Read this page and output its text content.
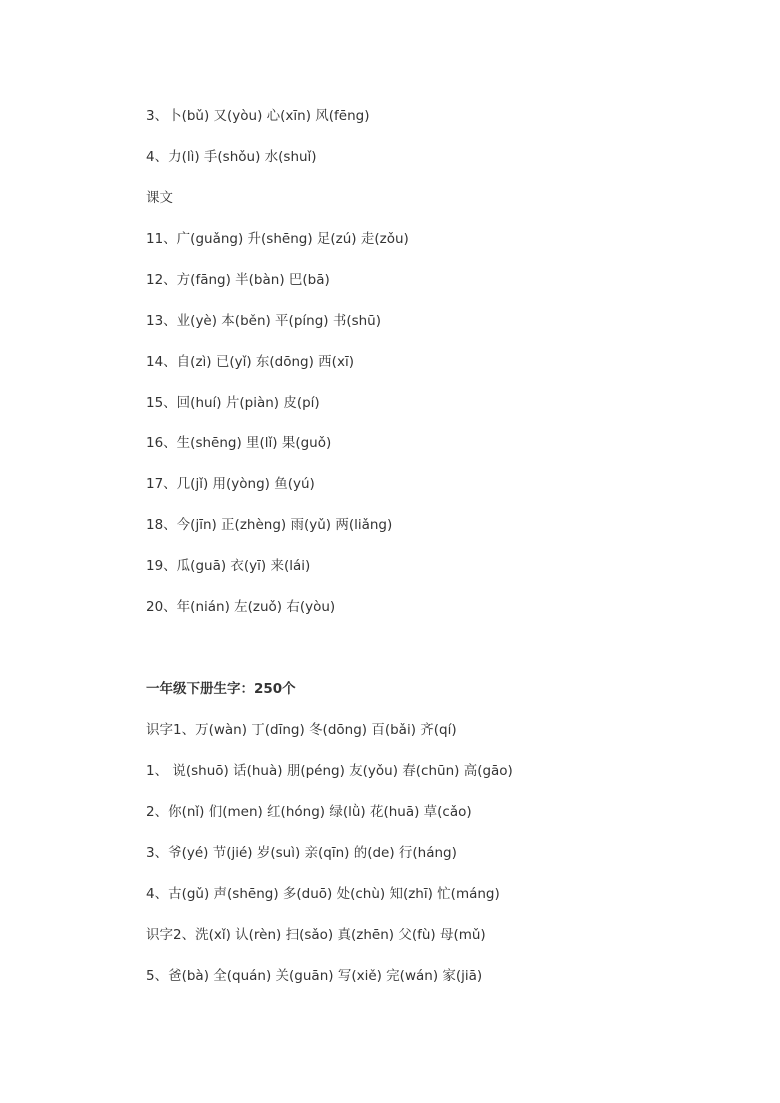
3、卜(bǔ) 又(yòu) 心(xīn) 风(fēng)
4、力(lì) 手(shǒu) 水(shuǐ)
课文
11、广(guǎng) 升(shēng) 足(zú) 走(zǒu)
12、方(fāng) 半(bàn) 巴(bā)
13、业(yè) 本(běn) 平(píng) 书(shū)
14、自(zì) 已(yǐ) 东(dōng) 西(xī)
15、回(huí) 片(piàn) 皮(pí)
16、生(shēng) 里(lǐ) 果(guǒ)
17、几(jǐ) 用(yòng) 鱼(yú)
18、今(jīn) 正(zhèng) 雨(yǔ) 两(liǎng)
19、瓜(guā) 衣(yī) 来(lái)
20、年(nián) 左(zuǒ) 右(yòu)
一年级下册生字：250个
识字1、万(wàn) 丁(dīng) 冬(dōng) 百(bǎi) 齐(qí)
1、 说(shuō) 话(huà) 朋(péng) 友(yǒu) 春(chūn) 高(gāo)
2、你(nǐ) 们(men) 红(hóng) 绿(lǜ) 花(huā) 草(cǎo)
3、爷(yé) 节(jié) 岁(suì) 亲(qīn) 的(de) 行(háng)
4、古(gǔ) 声(shēng) 多(duō) 处(chù) 知(zhī) 忙(máng)
识字2、洗(xǐ) 认(rèn) 扫(sǎo) 真(zhēn) 父(fù) 母(mǔ)
5、爸(bà) 全(quán) 关(guān) 写(xiě) 完(wán) 家(jiā)
